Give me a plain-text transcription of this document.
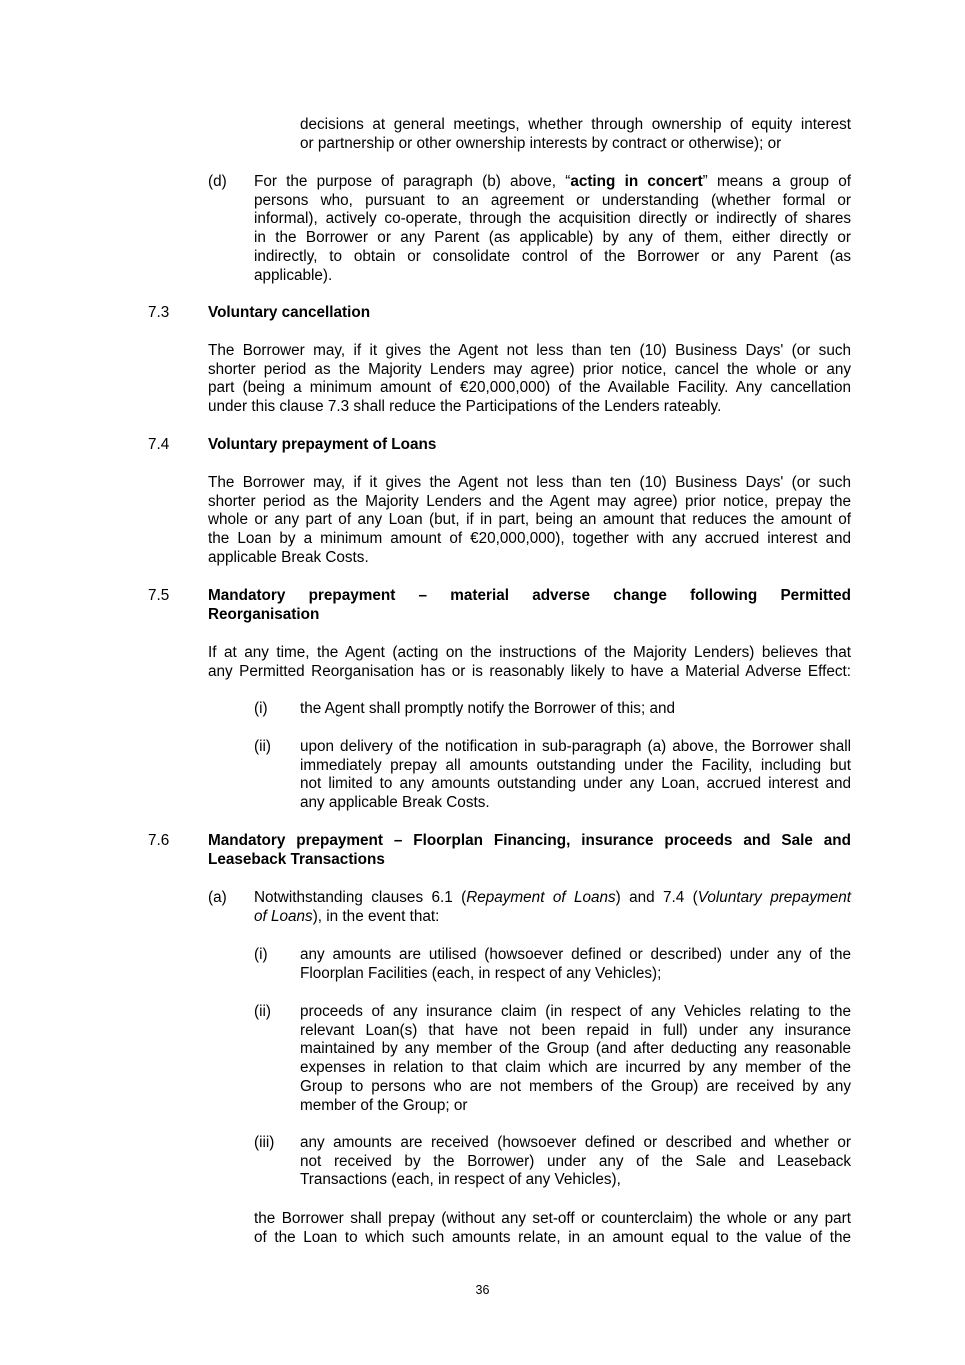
decisions at general meetings, whether through ownership of equity interest
or partnership or other ownership interests by contract or otherwise); or
(d) For the purpose of paragraph (b) above, “acting in concert” means a group of
persons who, pursuant to an agreement or understanding (whether formal or
informal), actively co-operate, through the acquisition directly or indirectly of shares
in the Borrower or any Parent (as applicable) by any of them, either directly or
indirectly, to obtain or consolidate control of the Borrower or any Parent (as
applicable).
7.3	Voluntary cancellation
The Borrower may, if it gives the Agent not less than ten (10) Business Days' (or such
shorter period as the Majority Lenders may agree) prior notice, cancel the whole or any
part (being a minimum amount of €20,000,000) of the Available Facility. Any cancellation
under this clause 7.3 shall reduce the Participations of the Lenders rateably.
7.4	Voluntary prepayment of Loans
The Borrower may, if it gives the Agent not less than ten (10) Business Days' (or such
shorter period as the Majority Lenders and the Agent may agree) prior notice, prepay the
whole or any part of any Loan (but, if in part, being an amount that reduces the amount of
the Loan by a minimum amount of €20,000,000), together with any accrued interest and
applicable Break Costs.
7.5	Mandatory prepayment – material adverse change following Permitted
Reorganisation
If at any time, the Agent (acting on the instructions of the Majority Lenders) believes that
any Permitted Reorganisation has or is reasonably likely to have a Material Adverse Effect:
(i) the Agent shall promptly notify the Borrower of this; and
(ii) upon delivery of the notification in sub-paragraph (a) above, the Borrower shall
immediately prepay all amounts outstanding under the Facility, including but
not limited to any amounts outstanding under any Loan, accrued interest and
any applicable Break Costs.
7.6	Mandatory prepayment – Floorplan Financing, insurance proceeds and Sale and
Leaseback Transactions
(a) Notwithstanding clauses 6.1 (Repayment of Loans) and 7.4 (Voluntary prepayment
of Loans), in the event that:
(i) any amounts are utilised (howsoever defined or described) under any of the
Floorplan Facilities (each, in respect of any Vehicles);
(ii) proceeds of any insurance claim (in respect of any Vehicles relating to the
relevant Loan(s) that have not been repaid in full) under any insurance
maintained by any member of the Group (and after deducting any reasonable
expenses in relation to that claim which are incurred by any member of the
Group to persons who are not members of the Group) are received by any
member of the Group; or
(iii) any amounts are received (howsoever defined or described and whether or
not received by the Borrower) under any of the Sale and Leaseback
Transactions (each, in respect of any Vehicles),
the Borrower shall prepay (without any set-off or counterclaim) the whole or any part
of the Loan to which such amounts relate, in an amount equal to the value of the
36
